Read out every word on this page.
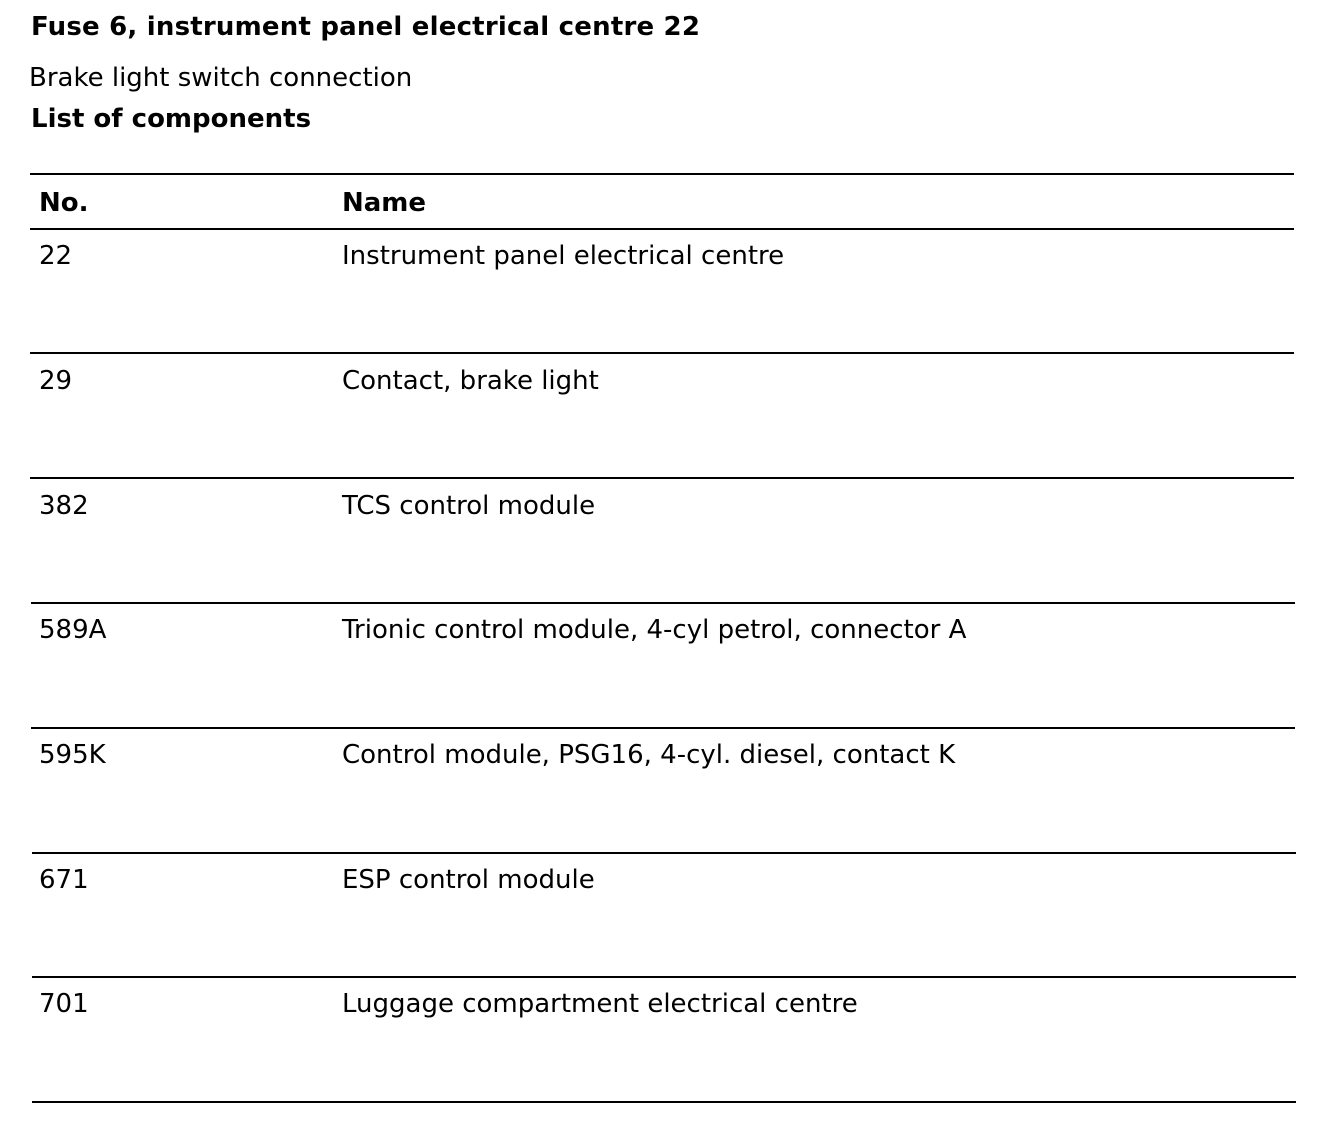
Fuse 6, instrument panel electrical centre 22
Brake light switch connection
List of components
No.	Name
22	Instrument panel electrical centre
29	Contact, brake light
382	TCS control module
589A	Trionic control module, 4-cyl petrol, connector A
595K	Control module, PSG16, 4-cyl. diesel, contact K
671	ESP control module
701	Luggage compartment electrical centre
